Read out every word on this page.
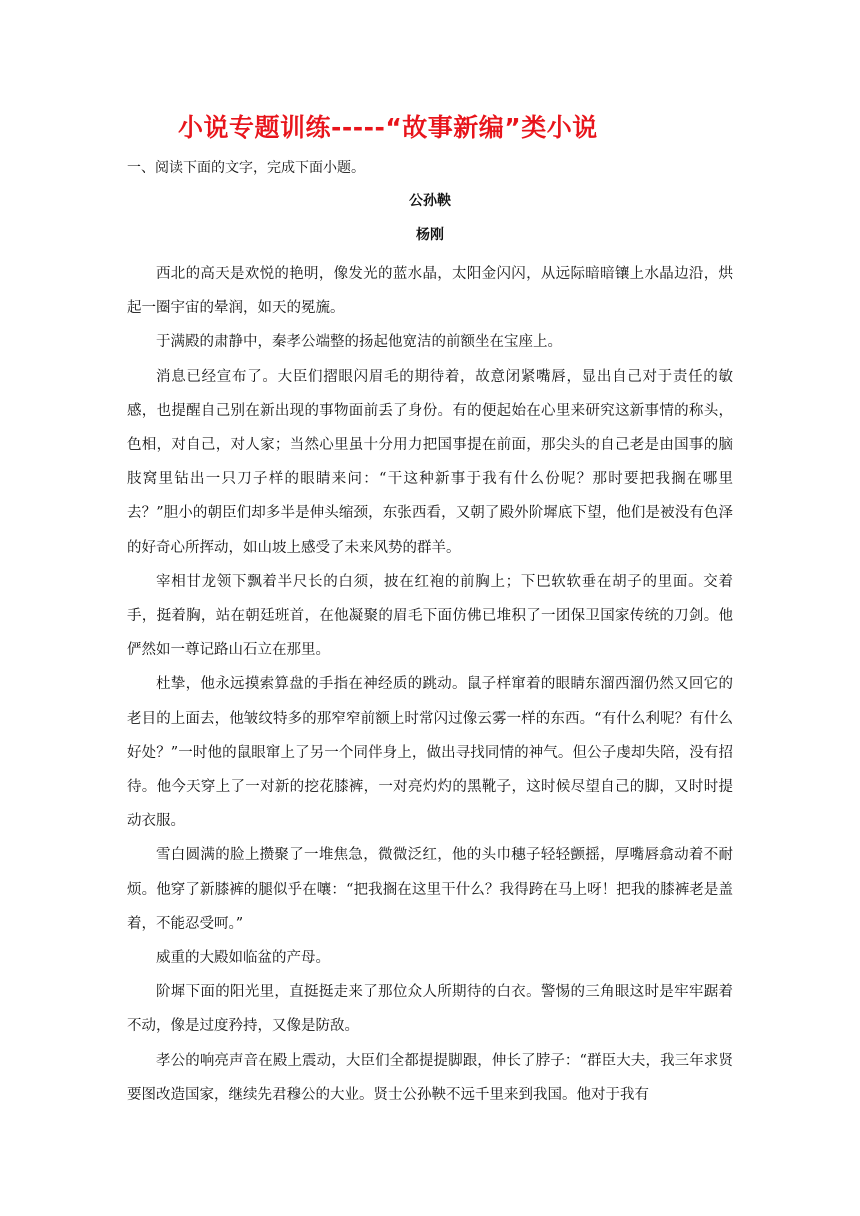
小说专题训练-----“故事新编”类小说
一、阅读下面的文字，完成下面小题。
公孙鞅
杨刚

西北的高天是欢悦的艳明，像发光的蓝水晶，太阳金闪闪，从远际暗暗镶上水晶边沿，烘起一圈宇宙的晕润，如天的冕旒。

于满殿的肃静中，秦孝公端整的扬起他宽洁的前额坐在宝座上。

消息已经宣布了。大臣们摺眼闪眉毛的期待着，故意闭紧嘴唇，显出自己对于责任的敏感，也提醒自己别在新出现的事物面前丢了身份。有的便起始在心里来研究这新事情的称头，色相，对自己，对人家；当然心里虽十分用力把国事提在前面，那尖头的自己老是由国事的脑肢窝里钻出一只刀子样的眼睛来问：“干这种新事于我有什么份呢？那时要把我搁在哪里去？”胆小的朝臣们却多半是伸头缩颈，东张西看，又朝了殿外阶墀底下望，他们是被没有色泽的好奇心所挥动，如山坡上感受了未来风势的群羊。

宰相甘龙领下飘着半尺长的白须，披在红袍的前胸上；下巴软软垂在胡子的里面。交着手，挺着胸，站在朝廷班首，在他凝聚的眉毛下面仿佛已堆积了一团保卫国家传统的刀剑。他俨然如一尊记路山石立在那里。

杜挚，他永远摸索算盘的手指在神经质的跳动。鼠子样窜着的眼睛东溜西溜仍然又回它的老目的上面去，他皱纹特多的那窄窄前额上时常闪过像云雾一样的东西。“有什么利呢？有什么好处？”一时他的鼠眼窜上了另一个同伴身上，做出寻找同情的神气。但公子虔却失陪，没有招待。他今天穿上了一对新的挖花膝裤，一对亮灼灼的黑靴子，这时候尽望自己的脚，又时时提动衣服。

雪白圆满的脸上攒聚了一堆焦急，微微泛红，他的头巾穗子轻轻颤摇，厚嘴唇翕动着不耐烦。他穿了新膝裤的腿似乎在嚷：“把我搁在这里干什么？我得跨在马上呀！把我的膝裤老是盖着，不能忍受呵。”

威重的大殿如临盆的产母。

阶墀下面的阳光里，直挺挺走来了那位众人所期待的白衣。警惕的三角眼这时是牢牢踞着不动，像是过度矜持，又像是防敌。

孝公的响亮声音在殿上震动，大臣们全都提提脚跟，伸长了脖子：“群臣大夫，我三年求贤要图改造国家，继续先君穆公的大业。贤士公孙鞅不远千里来到我国。他对于我有
